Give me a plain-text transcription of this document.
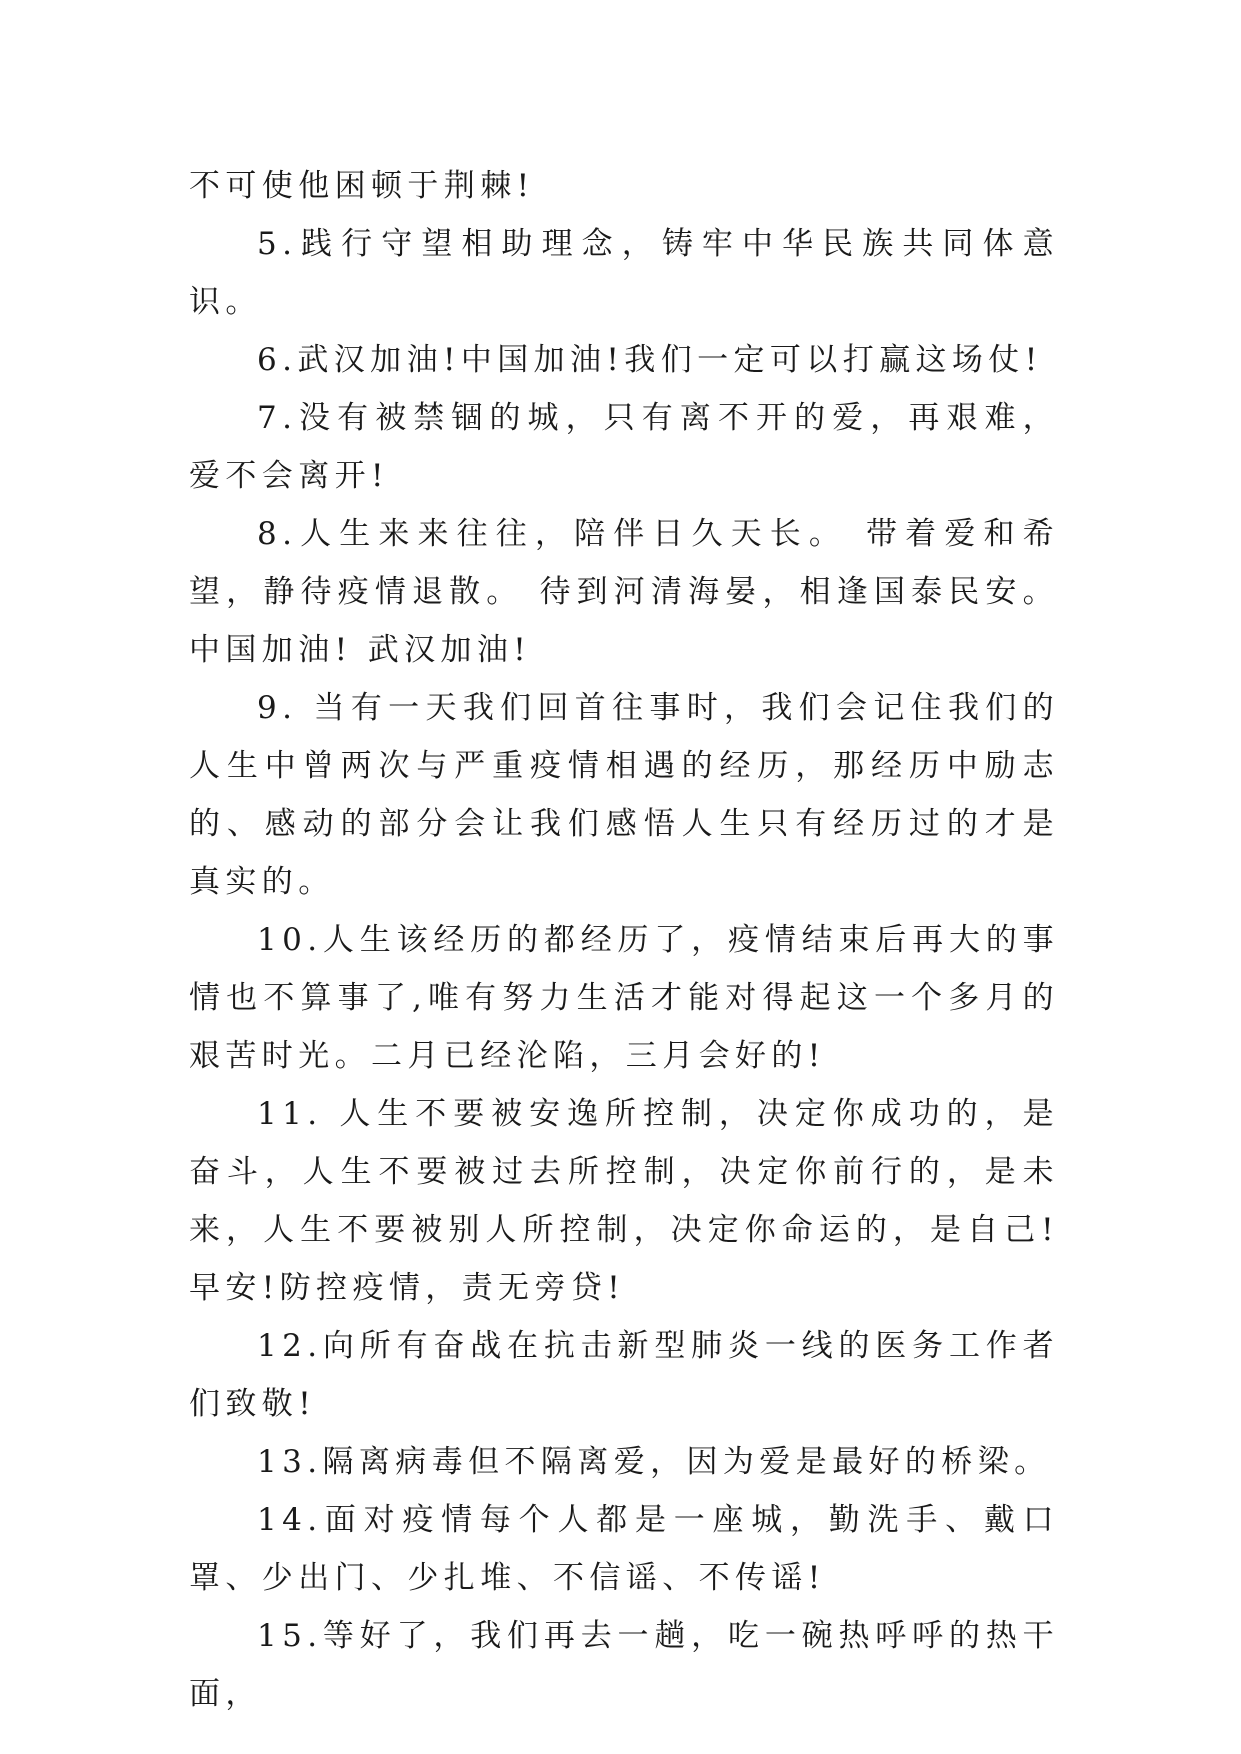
不可使他困顿于荆棘!

5.践行守望相助理念，铸牢中华民族共同体意识。

6.武汉加油!中国加油!我们一定可以打赢这场仗!

7.没有被禁锢的城，只有离不开的爱，再艰难，爱不会离开!

8.人生来来往往，陪伴日久天长。 带着爱和希望，静待疫情退散。 待到河清海晏，相逢国泰民安。 中国加油! 武汉加油!

9. 当有一天我们回首往事时，我们会记住我们的人生中曾两次与严重疫情相遇的经历，那经历中励志的、感动的部分会让我们感悟人生只有经历过的才是真实的。

10.人生该经历的都经历了，疫情结束后再大的事情也不算事了,唯有努力生活才能对得起这一个多月的艰苦时光。二月已经沦陷，三月会好的!

11. 人生不要被安逸所控制，决定你成功的，是奋斗，人生不要被过去所控制，决定你前行的，是未来，人生不要被别人所控制，决定你命运的，是自己!早安!防控疫情，责无旁贷!

12.向所有奋战在抗击新型肺炎一线的医务工作者们致敬!

13.隔离病毒但不隔离爱，因为爱是最好的桥梁。

14.面对疫情每个人都是一座城，勤洗手、戴口罩、少出门、少扎堆、不信谣、不传谣!

15.等好了，我们再去一趟，吃一碗热呼呼的热干面，
